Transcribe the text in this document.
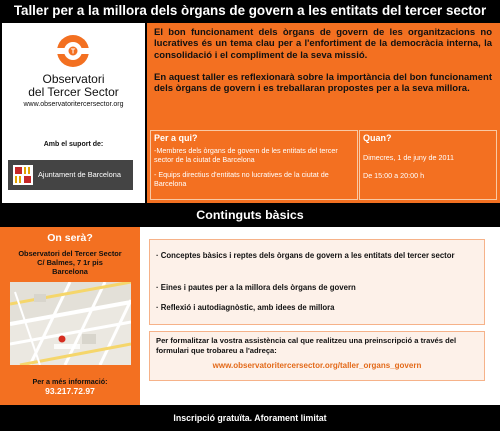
Taller per a la millora dels òrgans de govern a les entitats del tercer sector
T
Observatori
del Tercer Sector
www.observatoritercersector.org
Amb el suport de:
Ajuntament de Barcelona

El bon funcionament dels òrgans de govern de les organitzacions no lucratives és un tema clau per a l'enfortiment de la democràcia interna, la consolidació i el compliment de la seva missió.

En aquest taller es reflexionarà sobre la importància del bon funcionament dels òrgans de govern i es treballaran propostes per a la seva millora.

Per a qui?
-Membres dels òrgans de govern de les entitats del tercer sector de la ciutat de Barcelona
- Equips directius d'entitats no lucratives de la ciutat de Barcelona
Quan?
Dimecres, 1 de juny de 2011
De 15:00 a 20:00 h
Continguts bàsics
On serà?
Observatori del Tercer Sector
C/ Balmes, 7 1r pis
Barcelona
Per a més informació:
93.217.72.97
· Conceptes bàsics i reptes dels òrgans de govern a les entitats del tercer sector
· Eines i pautes per a la millora dels òrgans de govern
· Reflexió i autodiagnòstic, amb idees de millora
Per formalitzar la vostra assistència cal que realitzeu una preinscripció a través del formulari que trobareu a l'adreça:
www.observatoritercersector.org/taller_organs_govern
Inscripció gratuïta. Aforament limitat
